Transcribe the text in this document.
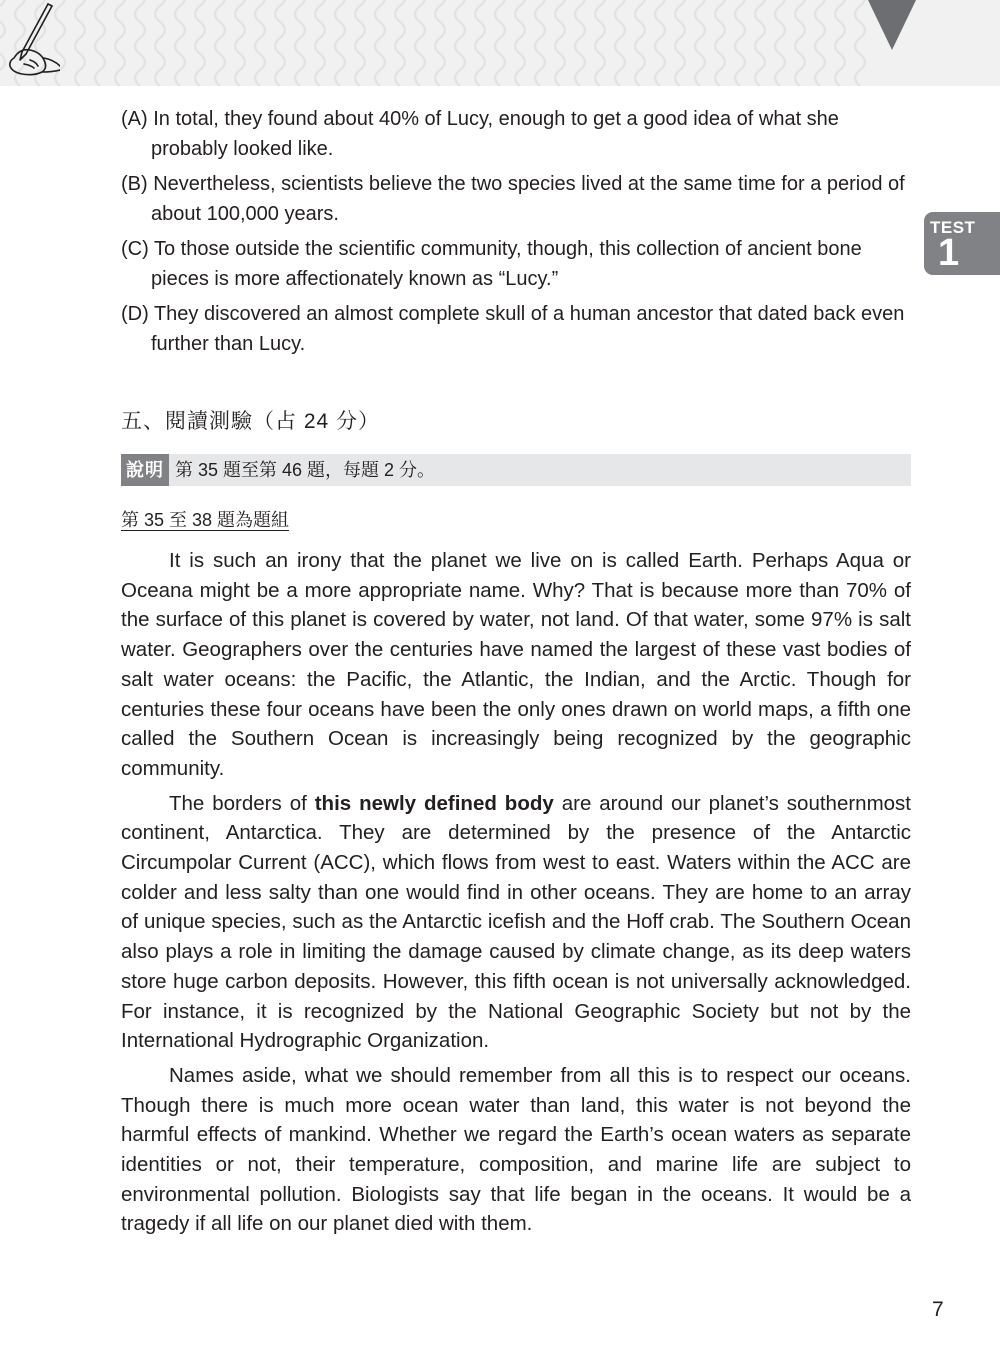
TEST
1
(A) In total, they found about 40% of Lucy, enough to get a good idea of what she probably looked like.
(B) Nevertheless, scientists believe the two species lived at the same time for a period of about 100,000 years.
(C) To those outside the scientific community, though, this collection of ancient bone pieces is more affectionately known as “Lucy.”
(D) They discovered an almost complete skull of a human ancestor that dated back even further than Lucy.
五、閱讀測驗（占 24 分）
說明 第 35 題至第 46 題，每題 2 分。
第 35 至 38 題為題組

It is such an irony that the planet we live on is called Earth. Perhaps Aqua or Oceana might be a more appropriate name. Why? That is because more than 70% of the surface of this planet is covered by water, not land. Of that water, some 97% is salt water. Geographers over the centuries have named the largest of these vast bodies of salt water oceans: the Pacific, the Atlantic, the Indian, and the Arctic. Though for centuries these four oceans have been the only ones drawn on world maps, a fifth one called the Southern Ocean is increasingly being recognized by the geographic community.

The borders of this newly defined body are around our planet’s southernmost continent, Antarctica. They are determined by the presence of the Antarctic Circumpolar Current (ACC), which flows from west to east. Waters within the ACC are colder and less salty than one would find in other oceans. They are home to an array of unique species, such as the Antarctic icefish and the Hoff crab. The Southern Ocean also plays a role in limiting the damage caused by climate change, as its deep waters store huge carbon deposits. However, this fifth ocean is not universally acknowledged. For instance, it is recognized by the National Geographic Society but not by the International Hydrographic Organization.

Names aside, what we should remember from all this is to respect our oceans. Though there is much more ocean water than land, this water is not beyond the harmful effects of mankind. Whether we regard the Earth’s ocean waters as separate identities or not, their temperature, composition, and marine life are subject to environmental pollution. Biologists say that life began in the oceans. It would be a tragedy if all life on our planet died with them.

7
